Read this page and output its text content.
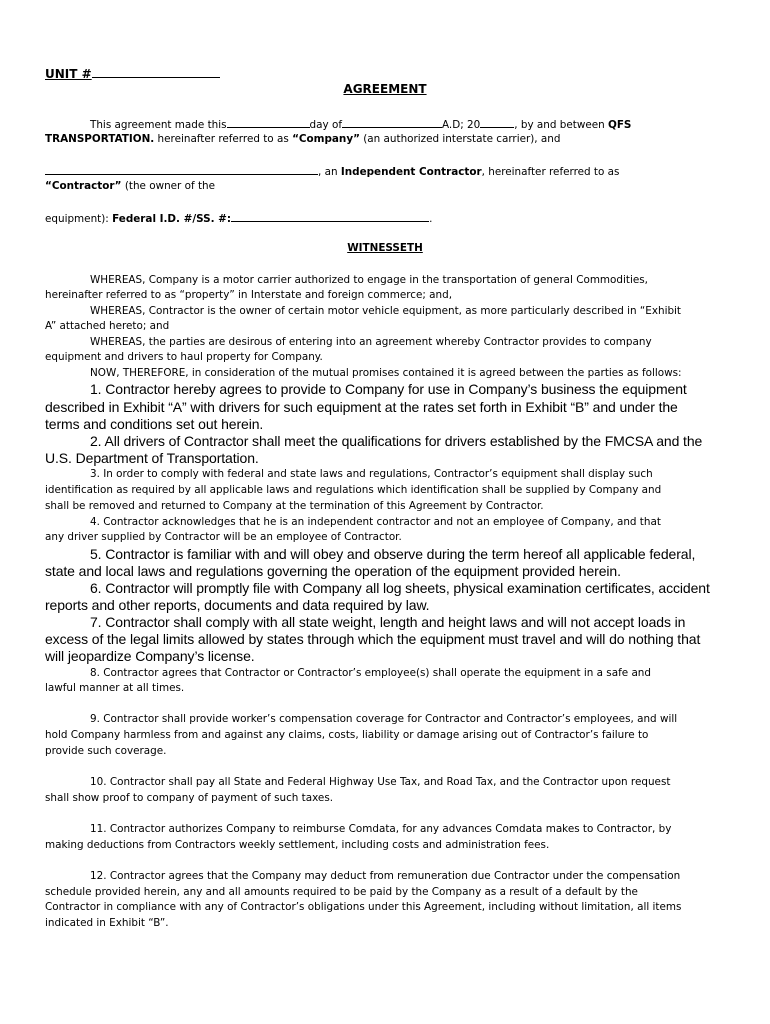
UNIT #
AGREEMENT
This agreement made this	day of	A.D; 20	, by and between QFS
TRANSPORTATION. hereinafter referred to as “Company” (an authorized interstate carrier), and
, an Independent Contractor, hereinafter referred to as
“Contractor” (the owner of the
equipment): Federal I.D. #/SS. #:	.
WITNESSETH
WHEREAS, Company is a motor carrier authorized to engage in the transportation of general Commodities,
hereinafter referred to as “property” in Interstate and foreign commerce; and,
WHEREAS, Contractor is the owner of certain motor vehicle equipment, as more particularly described in “Exhibit
A” attached hereto; and
WHEREAS, the parties are desirous of entering into an agreement whereby Contractor provides to company
equipment and drivers to haul property for Company.
NOW, THEREFORE, in consideration of the mutual promises contained it is agreed between the parties as follows:
1. Contractor hereby agrees to provide to Company for use in Company’s business the equipment
described in Exhibit “A” with drivers for such equipment at the rates set forth in Exhibit “B” and under the
terms and conditions set out herein.
2. All drivers of Contractor shall meet the qualifications for drivers established by the FMCSA and the
U.S. Department of Transportation.
3. In order to comply with federal and state laws and regulations, Contractor’s equipment shall display such
identification as required by all applicable laws and regulations which identification shall be supplied by Company and
shall be removed and returned to Company at the termination of this Agreement by Contractor.
4. Contractor acknowledges that he is an independent contractor and not an employee of Company, and that
any driver supplied by Contractor will be an employee of Contractor.
5. Contractor is familiar with and will obey and observe during the term hereof all applicable federal,
state and local laws and regulations governing the operation of the equipment provided herein.
6. Contractor will promptly file with Company all log sheets, physical examination certificates, accident
reports and other reports, documents and data required by law.
7. Contractor shall comply with all state weight, length and height laws and will not accept loads in
excess of the legal limits allowed by states through which the equipment must travel and will do nothing that
will jeopardize Company’s license.
8. Contractor agrees that Contractor or Contractor’s employee(s) shall operate the equipment in a safe and
lawful manner at all times.
9. Contractor shall provide worker’s compensation coverage for Contractor and Contractor’s employees, and will
hold Company harmless from and against any claims, costs, liability or damage arising out of Contractor’s failure to
provide such coverage.
10. Contractor shall pay all State and Federal Highway Use Tax, and Road Tax, and the Contractor upon request
shall show proof to company of payment of such taxes.
11. Contractor authorizes Company to reimburse Comdata, for any advances Comdata makes to Contractor, by
making deductions from Contractors weekly settlement, including costs and administration fees.
12. Contractor agrees that the Company may deduct from remuneration due Contractor under the compensation
schedule provided herein, any and all amounts required to be paid by the Company as a result of a default by the
Contractor in compliance with any of Contractor’s obligations under this Agreement, including without limitation, all items
indicated in Exhibit “B”.
